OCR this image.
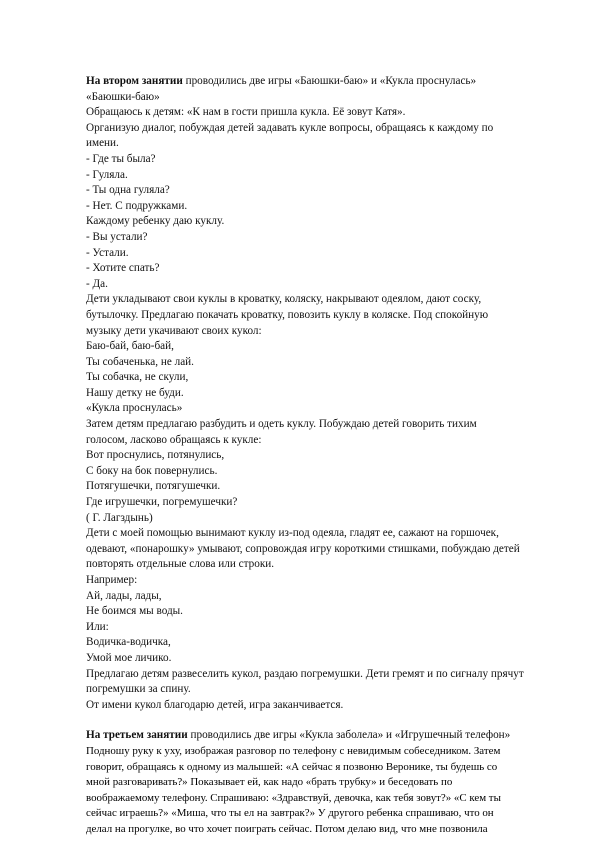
На втором занятии проводились две игры «Баюшки-баю» и «Кукла проснулась»
«Баюшки-баю»
Обращаюсь к детям: «К нам в гости пришла кукла. Её зовут Катя».
Организую диалог, побуждая детей задавать кукле вопросы, обращаясь к каждому по
имени.
- Где ты была?
- Гуляла.
- Ты одна гуляла?
- Нет. С подружками.
Каждому ребенку даю куклу.
- Вы устали?
- Устали.
- Хотите спать?
- Да.
Дети укладывают свои куклы в кроватку, коляску, накрывают одеялом, дают соску,
бутылочку. Предлагаю покачать кроватку, повозить куклу в коляске. Под спокойную
музыку дети укачивают своих кукол:
Баю-бай, баю-бай,
Ты собаченька, не лай.
Ты собачка, не скули,
Нашу детку не буди.
«Кукла проснулась»
Затем детям предлагаю разбудить и одеть куклу. Побуждаю детей говорить тихим
голосом, ласково обращаясь к кукле:
Вот проснулись, потянулись,
С боку на бок повернулись.
Потягушечки, потягушечки.
Где игрушечки, погремушечки?
( Г. Лагздынь)
Дети с моей помощью вынимают куклу из-под одеяла, гладят ее, сажают на горшочек,
одевают, «понарошку» умывают, сопровождая игру короткими стишками, побуждаю детей
повторять отдельные слова или строки.
Например:
Ай, лады, лады,
Не боимся мы воды.
Или:
Водичка-водичка,
Умой мое личико.
Предлагаю детям развеселить кукол, раздаю погремушки. Дети гремят и по сигналу прячут
погремушки за спину.
От имени кукол благодарю детей, игра заканчивается.
На третьем занятии проводились две игры «Кукла заболела» и «Игрушечный телефон»
Подношу руку к уху, изображая разговор по телефону с невидимым собеседником. Затем
говорит, обращаясь к одному из малышей: «А сейчас я позвоню Веронике, ты будешь со
мной разговаривать?» Показывает ей, как надо «брать трубку» и беседовать по
воображаемому телефону. Спрашиваю: «Здравствуй, девочка, как тебя зовут?» «С кем ты
сейчас играешь?» «Миша, что ты ел на завтрак?» У другого ребенка спрашиваю, что он
делал на прогулке, во что хочет поиграть сейчас. Потом делаю вид, что мне позвонила
